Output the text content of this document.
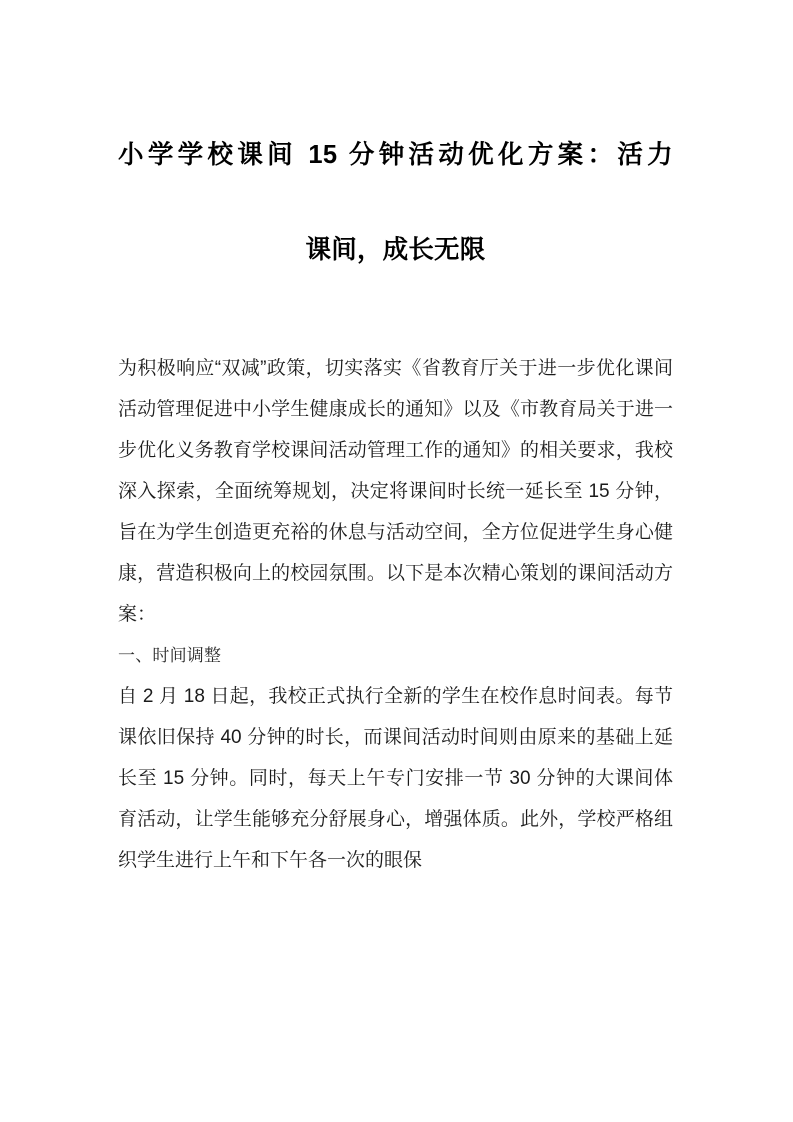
小学学校课间 15 分钟活动优化方案：活力
课间，成长无限

为积极响应“双减”政策，切实落实《省教育厅关于进一步优化课间活动管理促进中小学生健康成长的通知》以及《市教育局关于进一步优化义务教育学校课间活动管理工作的通知》的相关要求，我校深入探索，全面统筹规划，决定将课间时长统一延长至 15 分钟，旨在为学生创造更充裕的休息与活动空间，全方位促进学生身心健康，营造积极向上的校园氛围。以下是本次精心策划的课间活动方案：

一、时间调整

自 2 月 18 日起，我校正式执行全新的学生在校作息时间表。每节课依旧保持 40 分钟的时长，而课间活动时间则由原来的基础上延长至 15 分钟。同时，每天上午专门安排一节 30 分钟的大课间体育活动，让学生能够充分舒展身心，增强体质。此外，学校严格组织学生进行上午和下午各一次的眼保
